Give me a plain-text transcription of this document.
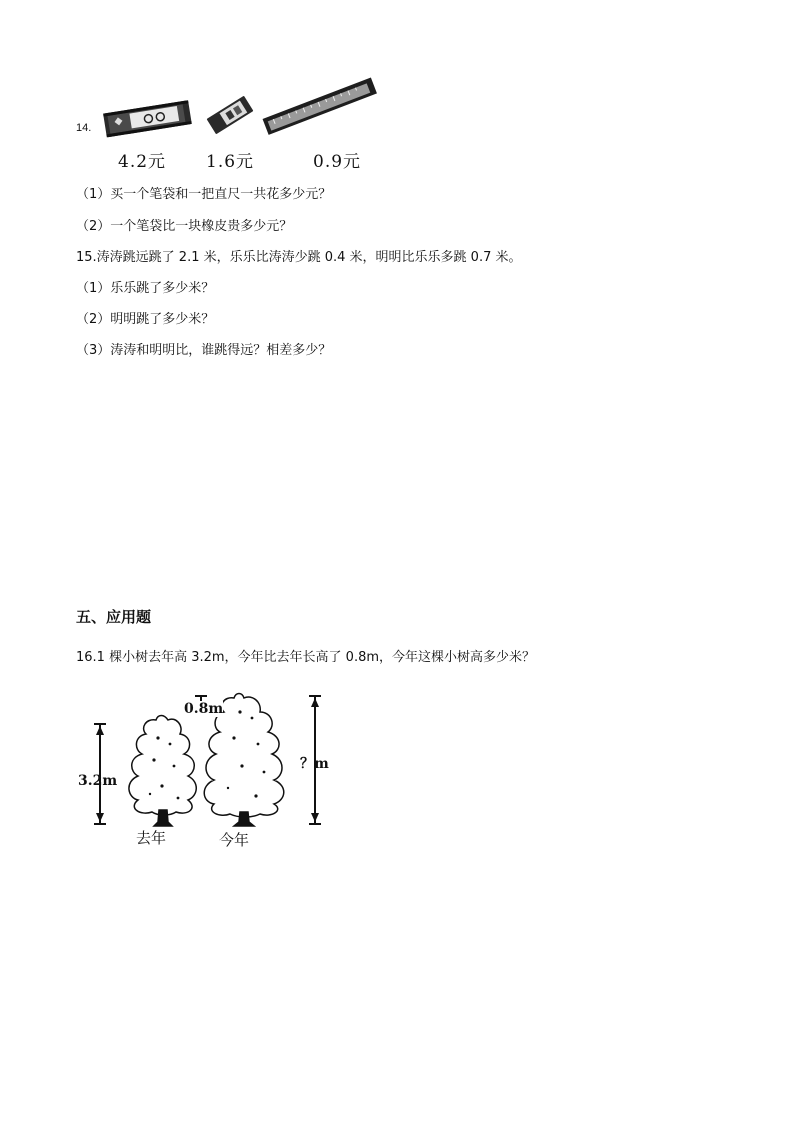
14.
4.2元 1.6元	0.9元
（1）买一个笔袋和一把直尺一共花多少元？
（2）一个笔袋比一块橡皮贵多少元？
15.涛涛跳远跳了 2.1 米，乐乐比涛涛少跳 0.4 米，明明比乐乐多跳 0.7 米。
（1）乐乐跳了多少米？
（2）明明跳了多少米？
（3）涛涛和明明比，谁跳得远？相差多少？
五、应用题
16.1 棵小树去年高 3.2m，今年比去年长高了 0.8m，今年这棵小树高多少米？
3.2m
0.8m
？m
去年	今年
